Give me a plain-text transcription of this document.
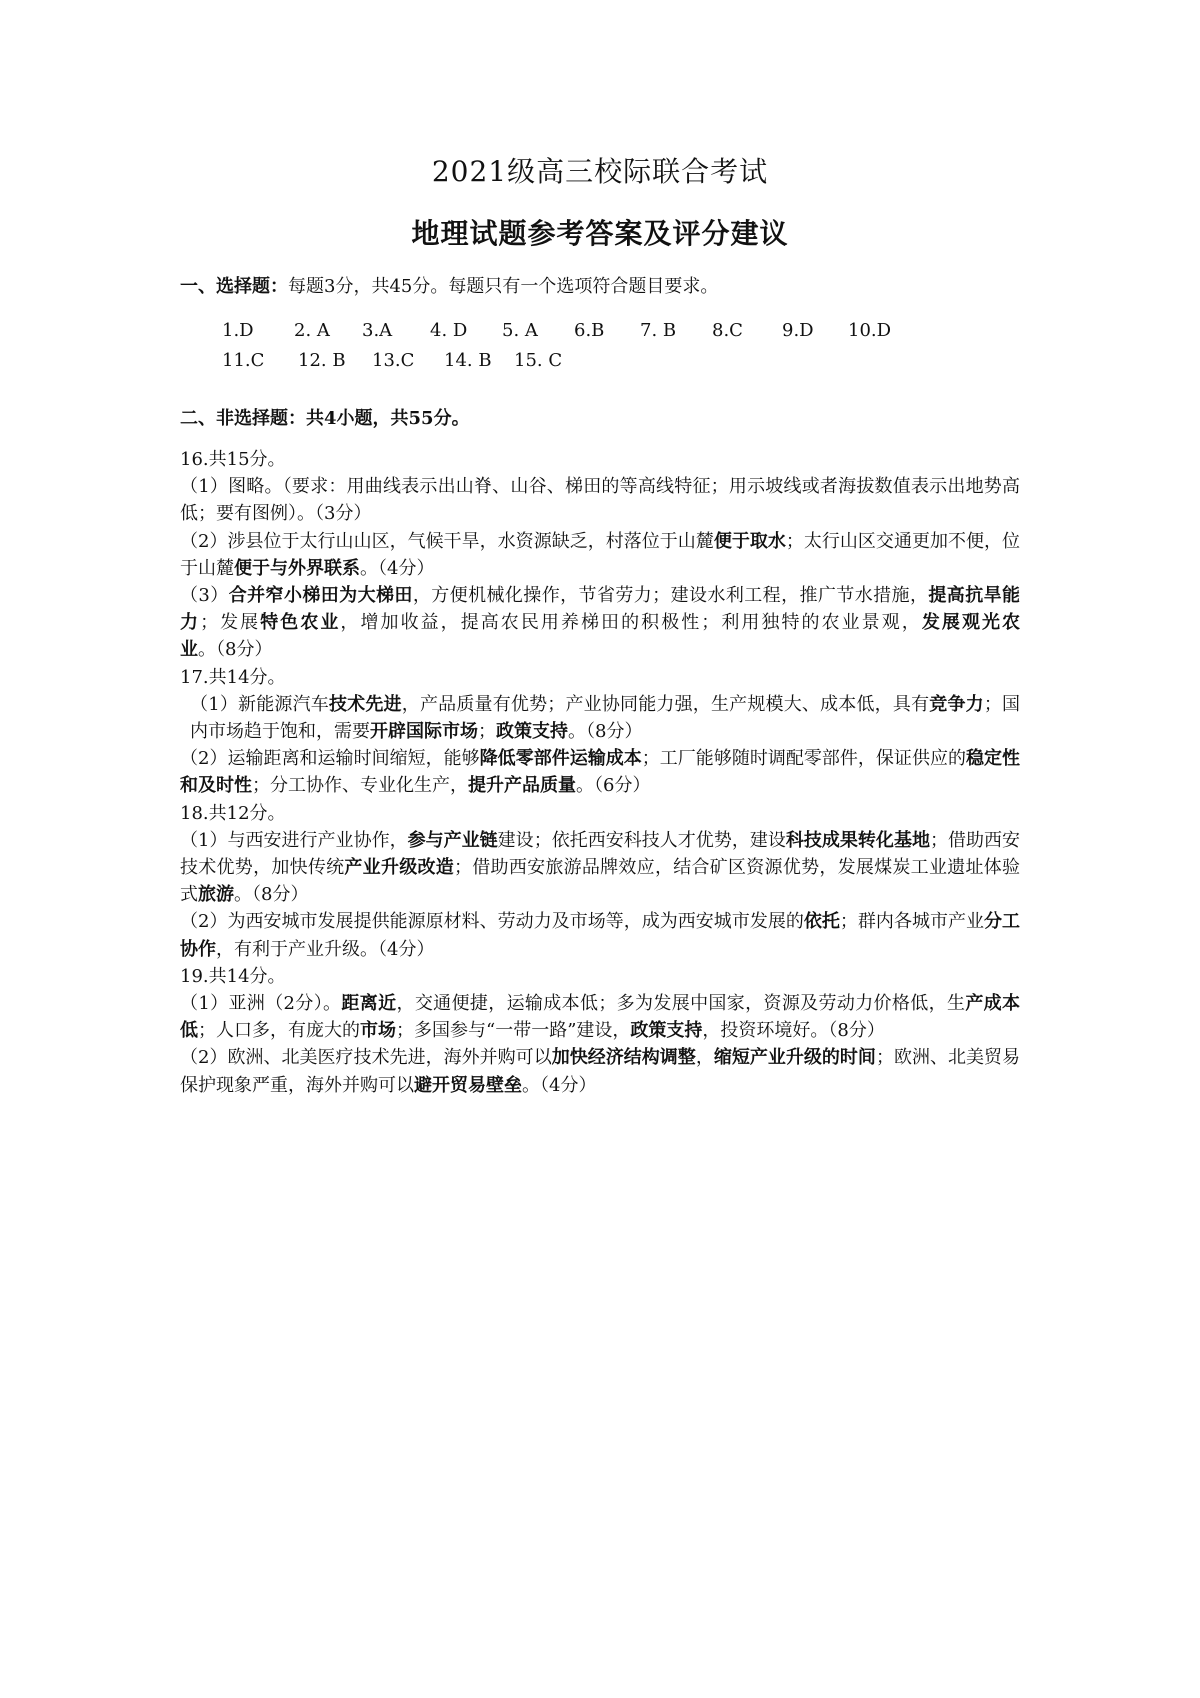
2021级高三校际联合考试
地理试题参考答案及评分建议
一、选择题：每题3分，共45分。每题只有一个选项符合题目要求。
1.D 2. A 3.A 4. D 5. A 6.B 7. B 8.C 9.D 10.D
11.C 12. B 13.C 14. B 15. C
二、非选择题：共4小题，共55分。

16.共15分。

（1）图略。（要求：用曲线表示出山脊、山谷、梯田的等高线特征；用示坡线或者海拔数值表示出地势高低；要有图例）。（3分）

（2）涉县位于太行山山区，气候干旱，水资源缺乏，村落位于山麓便于取水；太行山区交通更加不便，位于山麓便于与外界联系。（4分）

（3）合并窄小梯田为大梯田，方便机械化操作，节省劳力；建设水利工程，推广节水措施，提高抗旱能力；发展特色农业，增加收益，提高农民用养梯田的积极性；利用独特的农业景观，发展观光农业。（8分）

17.共14分。

（1）新能源汽车技术先进，产品质量有优势；产业协同能力强，生产规模大、成本低，具有竞争力；国内市场趋于饱和，需要开辟国际市场；政策支持。（8分）

（2）运输距离和运输时间缩短，能够降低零部件运输成本；工厂能够随时调配零部件，保证供应的稳定性和及时性；分工协作、专业化生产，提升产品质量。（6分）

18.共12分。

（1）与西安进行产业协作，参与产业链建设；依托西安科技人才优势，建设科技成果转化基地；借助西安技术优势，加快传统产业升级改造；借助西安旅游品牌效应，结合矿区资源优势，发展煤炭工业遗址体验式旅游。（8分）

（2）为西安城市发展提供能源原材料、劳动力及市场等，成为西安城市发展的依托；群内各城市产业分工协作，有利于产业升级。（4分）

19.共14分。

（1）亚洲（2分）。距离近，交通便捷，运输成本低；多为发展中国家，资源及劳动力价格低，生产成本低；人口多，有庞大的市场；多国参与“一带一路”建设，政策支持，投资环境好。（8分）

（2）欧洲、北美医疗技术先进，海外并购可以加快经济结构调整，缩短产业升级的时间；欧洲、北美贸易保护现象严重，海外并购可以避开贸易壁垒。（4分）
